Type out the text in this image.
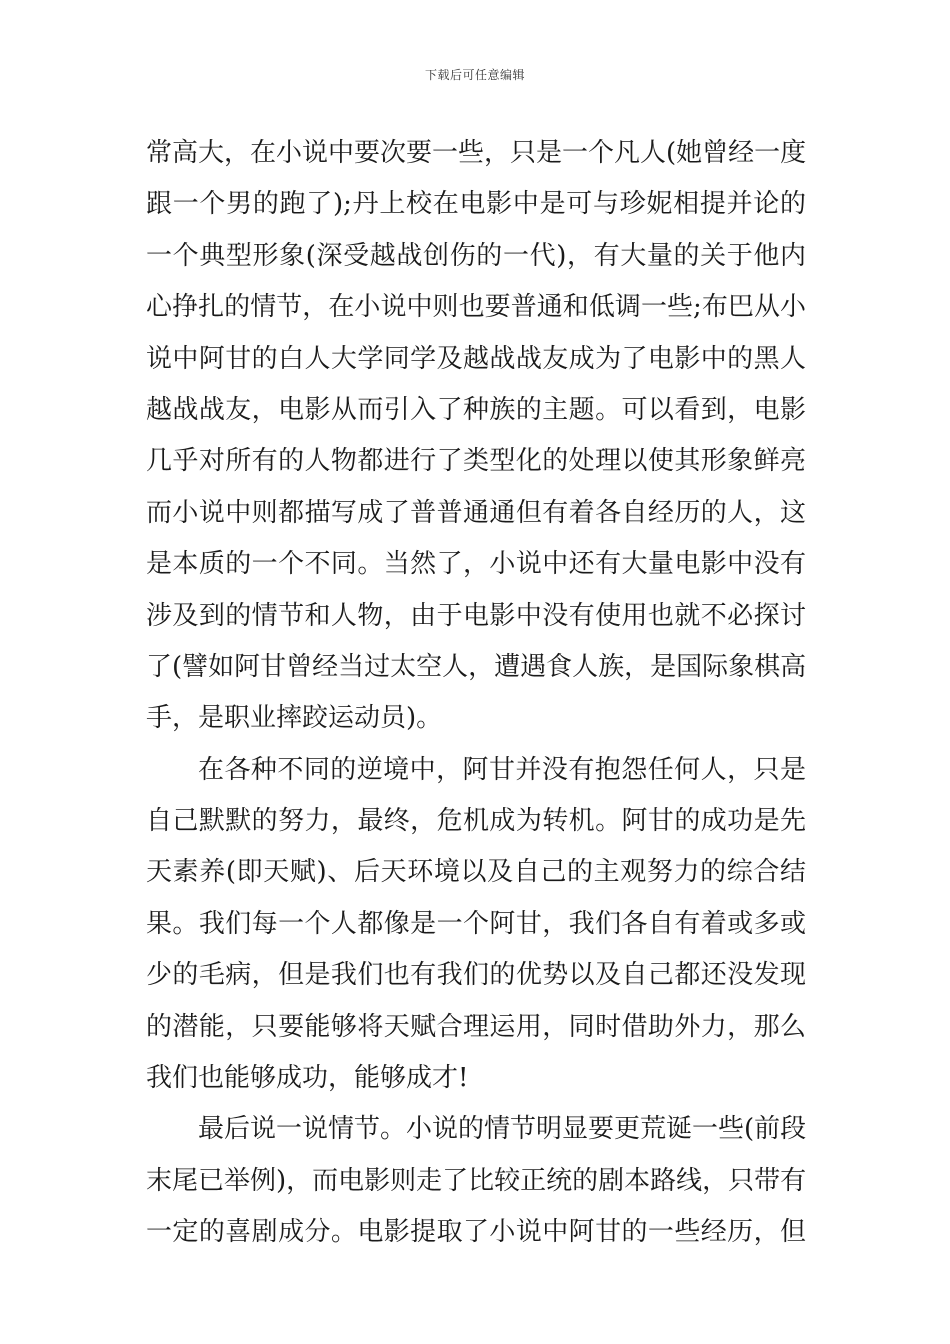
下载后可任意编辑
常高大，在小说中要次要一些，只是一个凡人(她曾经一度
跟一个男的跑了);丹上校在电影中是可与珍妮相提并论的
一个典型形象(深受越战创伤的一代)，有大量的关于他内
心挣扎的情节，在小说中则也要普通和低调一些;布巴从小
说中阿甘的白人大学同学及越战战友成为了电影中的黑人
越战战友，电影从而引入了种族的主题。可以看到，电影
几乎对所有的人物都进行了类型化的处理以使其形象鲜亮
而小说中则都描写成了普普通通但有着各自经历的人，这
是本质的一个不同。当然了，小说中还有大量电影中没有
涉及到的情节和人物，由于电影中没有使用也就不必探讨
了(譬如阿甘曾经当过太空人，遭遇食人族，是国际象棋高
手，是职业摔跤运动员)。
在各种不同的逆境中，阿甘并没有抱怨任何人，只是
自己默默的努力，最终，危机成为转机。阿甘的成功是先
天素养(即天赋)、后天环境以及自己的主观努力的综合结
果。我们每一个人都像是一个阿甘，我们各自有着或多或
少的毛病，但是我们也有我们的优势以及自己都还没发现
的潜能，只要能够将天赋合理运用，同时借助外力，那么
我们也能够成功，能够成才!
最后说一说情节。小说的情节明显要更荒诞一些(前段
末尾已举例)，而电影则走了比较正统的剧本路线，只带有
一定的喜剧成分。电影提取了小说中阿甘的一些经历，但
